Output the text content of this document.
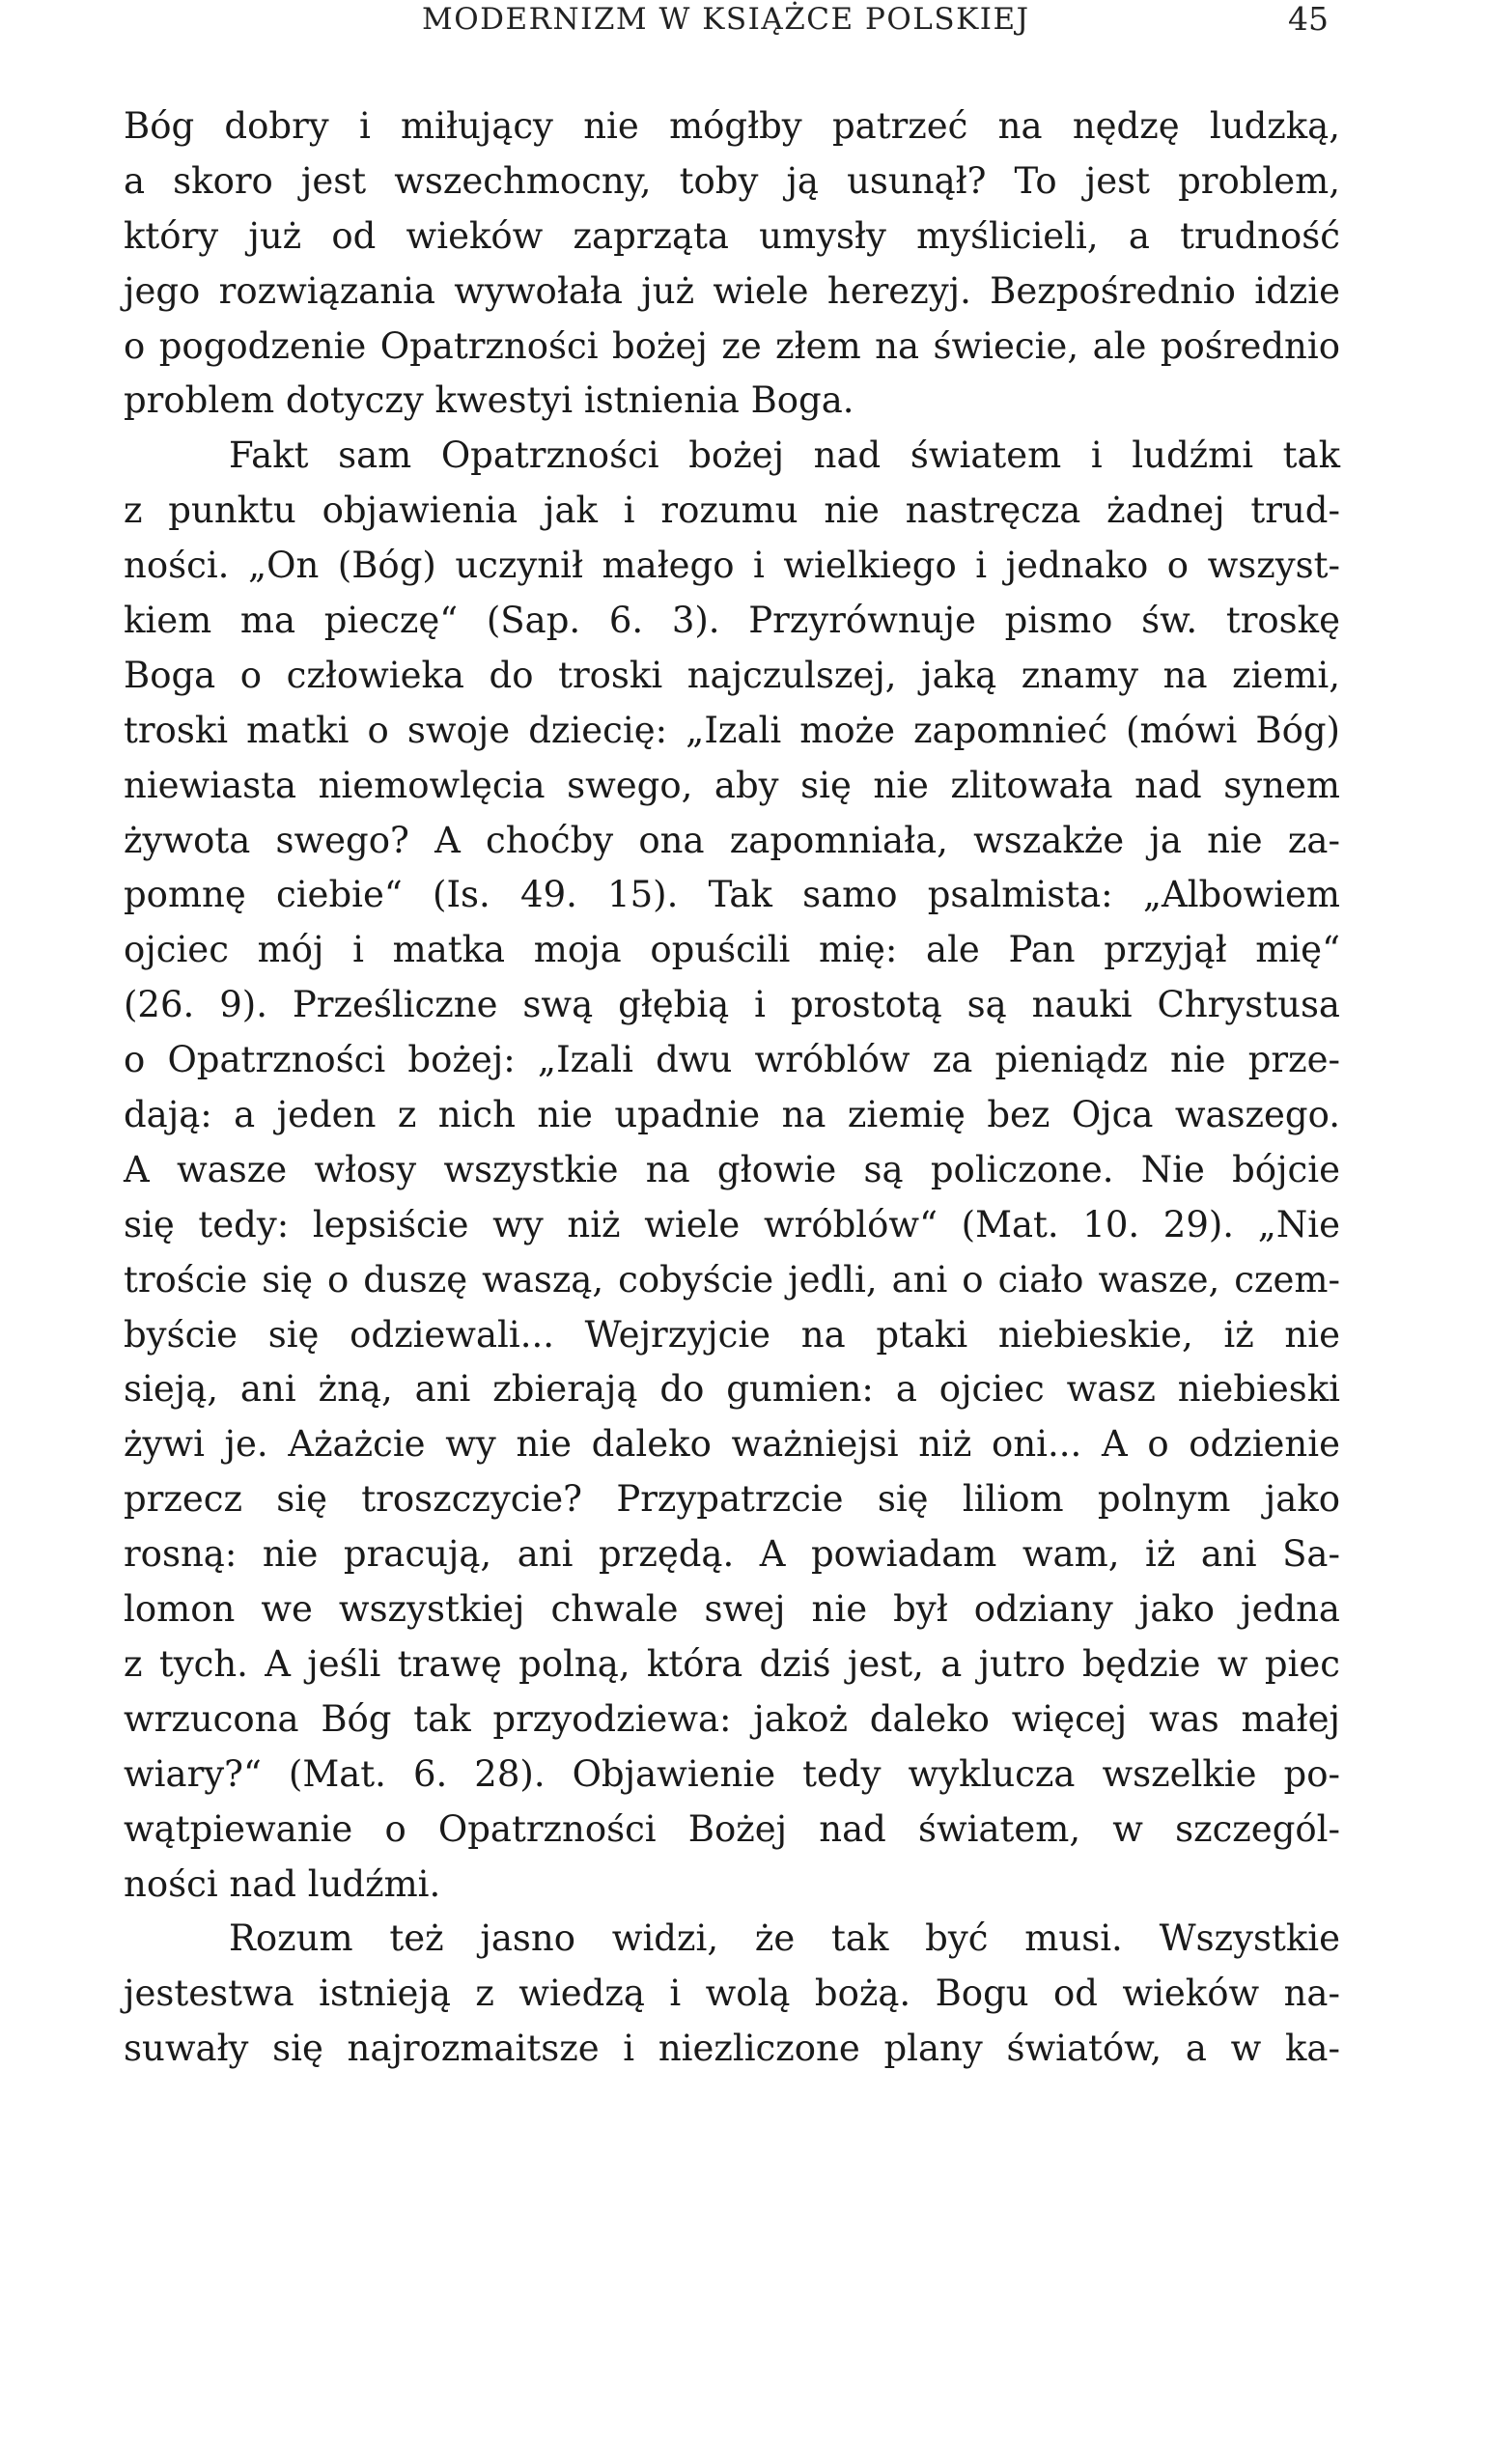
MODERNIZM W KSIĄŻCE POLSKIEJ	45
Bóg dobry i miłujący nie mógłby patrzeć na nędzę ludzką,
a skoro jest wszechmocny, toby ją usunął? To jest problem,
który już od wieków zaprząta umysły myślicieli, a trudność
jego rozwiązania wywołała już wiele herezyj. Bezpośrednio idzie
o pogodzenie Opatrzności bożej ze złem na świecie, ale pośrednio
problem dotyczy kwestyi istnienia Boga.
Fakt sam Opatrzności bożej nad światem i ludźmi tak
z punktu objawienia jak i rozumu nie nastręcza żadnej trud-
ności. „On (Bóg) uczynił małego i wielkiego i jednako o wszyst-
kiem ma pieczę“ (Sap. 6. 3). Przyrównuje pismo św. troskę
Boga o człowieka do troski najczulszej, jaką znamy na ziemi,
troski matki o swoje dziecię: „Izali może zapomnieć (mówi Bóg)
niewiasta niemowlęcia swego, aby się nie zlitowała nad synem
żywota swego? A choćby ona zapomniała, wszakże ja nie za-
pomnę ciebie“ (Is. 49. 15). Tak samo psalmista: „Albowiem
ojciec mój i matka moja opuścili mię: ale Pan przyjął mię“
(26. 9). Prześliczne swą głębią i prostotą są nauki Chrystusa
o Opatrzności bożej: „Izali dwu wróblów za pieniądz nie prze-
dają: a jeden z nich nie upadnie na ziemię bez Ojca waszego.
A wasze włosy wszystkie na głowie są policzone. Nie bójcie
się tedy: lepsiście wy niż wiele wróblów“ (Mat. 10. 29). „Nie
troście się o duszę waszą, cobyście jedli, ani o ciało wasze, czem-
byście się odziewali... Wejrzyjcie na ptaki niebieskie, iż nie
sieją, ani żną, ani zbierają do gumien: a ojciec wasz niebieski
żywi je. Ażażcie wy nie daleko ważniejsi niż oni... A o odzienie
przecz się troszczycie? Przypatrzcie się liliom polnym jako
rosną: nie pracują, ani przędą. A powiadam wam, iż ani Sa-
lomon we wszystkiej chwale swej nie był odziany jako jedna
z tych. A jeśli trawę polną, która dziś jest, a jutro będzie w piec
wrzucona Bóg tak przyodziewa: jakoż daleko więcej was małej
wiary?“ (Mat. 6. 28). Objawienie tedy wyklucza wszelkie po-
wątpiewanie o Opatrzności Bożej nad światem, w szczegól-
ności nad ludźmi.
Rozum też jasno widzi, że tak być musi. Wszystkie
jestestwa istnieją z wiedzą i wolą bożą. Bogu od wieków na-
suwały się najrozmaitsze i niezliczone plany światów, a w ka-
